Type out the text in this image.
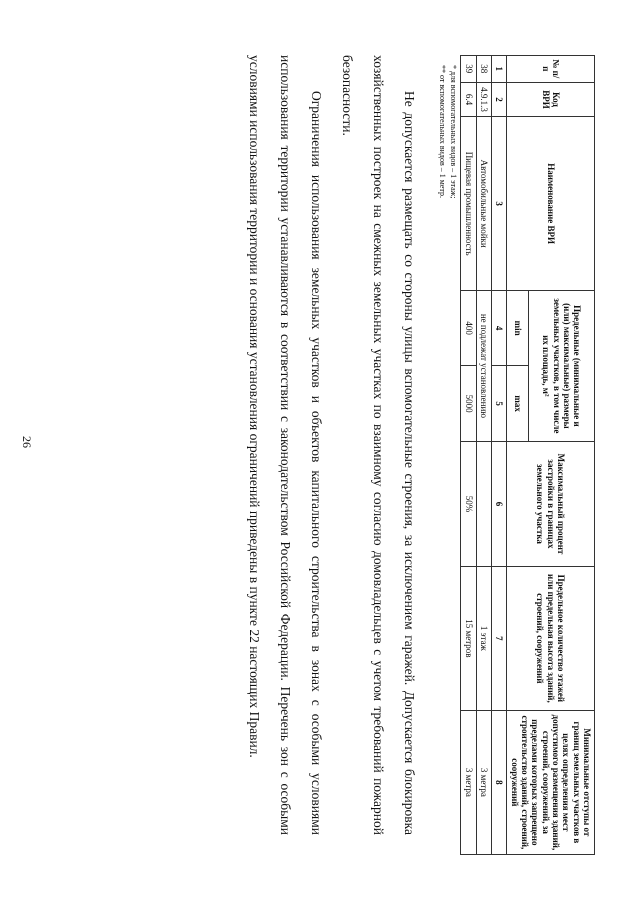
26
№ п/п	Код ВРИ	Наименование ВРИ	Предельные (минимальные и (или) максимальные) размеры земельных участков, в том числе их площадь, м²		Максимальный процент застройки в границах земельного участка	Предельное количество этажей или предельная высота зданий, строений, сооружений	Минимальные отступы от границ земельных участков в целях определения мест допустимого размещения зданий, строений, сооружений, за пределами которых запрещено строительство зданий, строений, сооружений
			min	max			
1	2	3	4	5	6	7	8
38	4.9.1.3	Автомобильные мойки	не подлежат установлению			1 этаж	3 метра
39	6.4	Пищевая промышленность	400	5000	50%	15 метров	3 метра
* для вспомогательных видов – 1 этаж;
** от вспомогательных видов – 1 метр.

Не допускается размещать со стороны улицы вспомогательные строения, за исключением гаражей. Допускается блокировка хозяйственных построек на смежных земельных участках по взаимному согласию домовладельцев с учетом требований пожарной безопасности.

Ограничения использования земельных участков и объектов капитального строительства в зонах с особыми условиями использования территории устанавливаются в соответствии с законодательством Российской Федерации. Перечень зон с особыми условиями использования территории и основания установления ограничений приведены в пункте 22 настоящих Правил.
